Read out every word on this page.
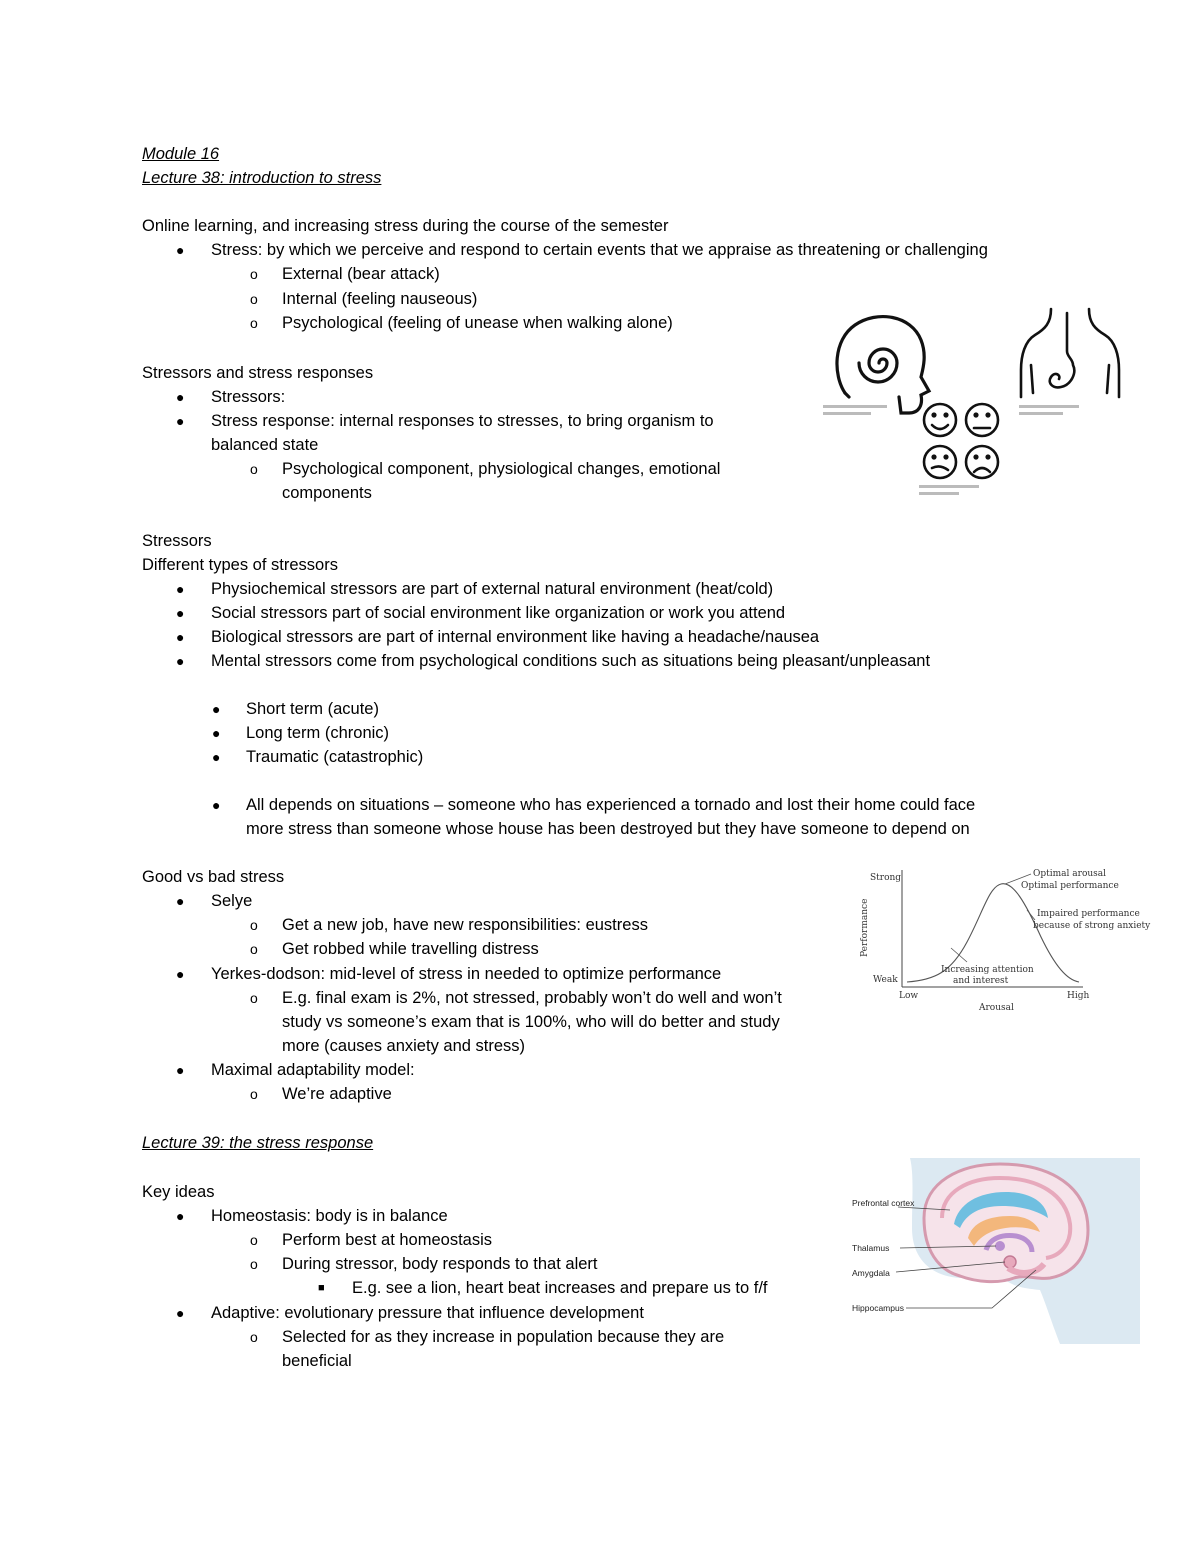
Module 16
Lecture 38: introduction to stress
Online learning, and increasing stress during the course of the semester
● Stress: by which we perceive and respond to certain events that we appraise as threatening or challenging
o External (bear attack)
o Internal (feeling nauseous)
o Psychological (feeling of unease when walking alone)
Stressors and stress responses
● Stressors:
● Stress response: internal responses to stresses, to bring organism to
balanced state
o Psychological component, physiological changes, emotional
components
Stressors
Different types of stressors
● Physiochemical stressors are part of external natural environment (heat/cold)
● Social stressors part of social environment like organization or work you attend
● Biological stressors are part of internal environment like having a headache/nausea
● Mental stressors come from psychological conditions such as situations being pleasant/unpleasant
● Short term (acute)
● Long term (chronic)
● Traumatic (catastrophic)
● All depends on situations – someone who has experienced a tornado and lost their home could face
more stress than someone whose house has been destroyed but they have someone to depend on
Good vs bad stress
● Selye
o Get a new job, have new responsibilities: eustress
o Get robbed while travelling distress
● Yerkes-dodson: mid-level of stress in needed to optimize performance
o E.g. final exam is 2%, not stressed, probably won’t do well and won’t
study vs someone’s exam that is 100%, who will do better and study
more (causes anxiety and stress)
● Maximal adaptability model:
o We’re adaptive
Lecture 39: the stress response
Key ideas
● Homeostasis: body is in balance
o Perform best at homeostasis
o During stressor, body responds to that alert
■ E.g. see a lion, heart beat increases and prepare us to f/f
● Adaptive: evolutionary pressure that influence development
o Selected for as they increase in population because they are
beneficial
Strong
Weak
Performance
Low	High
Arousal
Optimal arousal
Optimal performance
Impaired performance
because of strong anxiety
Increasing attention
and interest
Prefrontal cortex
Thalamus
Amygdala
Hippocampus
